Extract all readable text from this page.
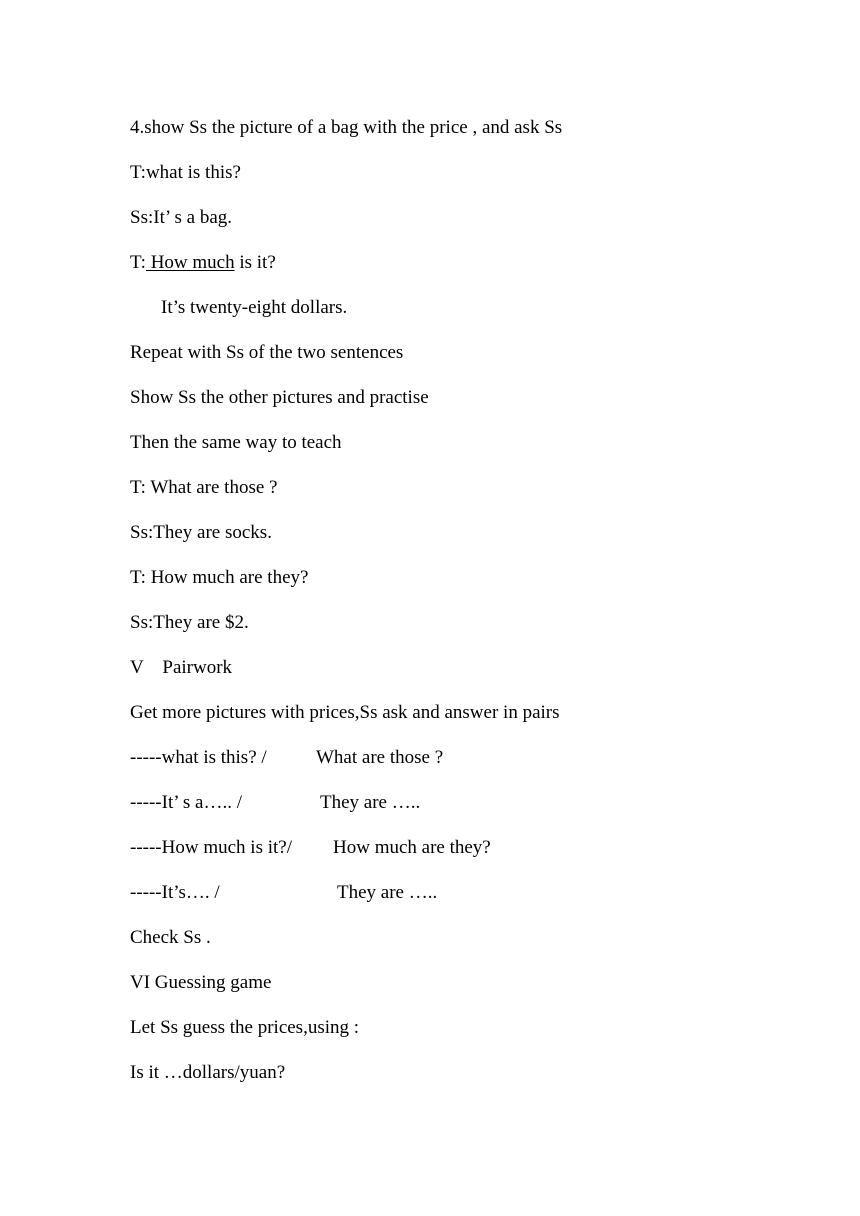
4.show Ss the picture of a bag with the price , and ask Ss
T:what is this?
Ss:It’ s a bag.
T: How much is it?
It’s twenty-eight dollars.
Repeat with Ss of the two sentences
Show Ss the other pictures and practise
Then the same way to teach
T: What are those ?
Ss:They are socks.
T: How much are they?
Ss:They are $2.
V    Pairwork
Get more pictures with prices,Ss ask and answer in pairs
-----what is this? /	What are those ?
-----It’ s a….. /	They are …..
-----How much is it?/ How much are they?
-----It’s…. /	They are …..
Check Ss .
VI Guessing game
Let Ss guess the prices,using :
Is it …dollars/yuan?
